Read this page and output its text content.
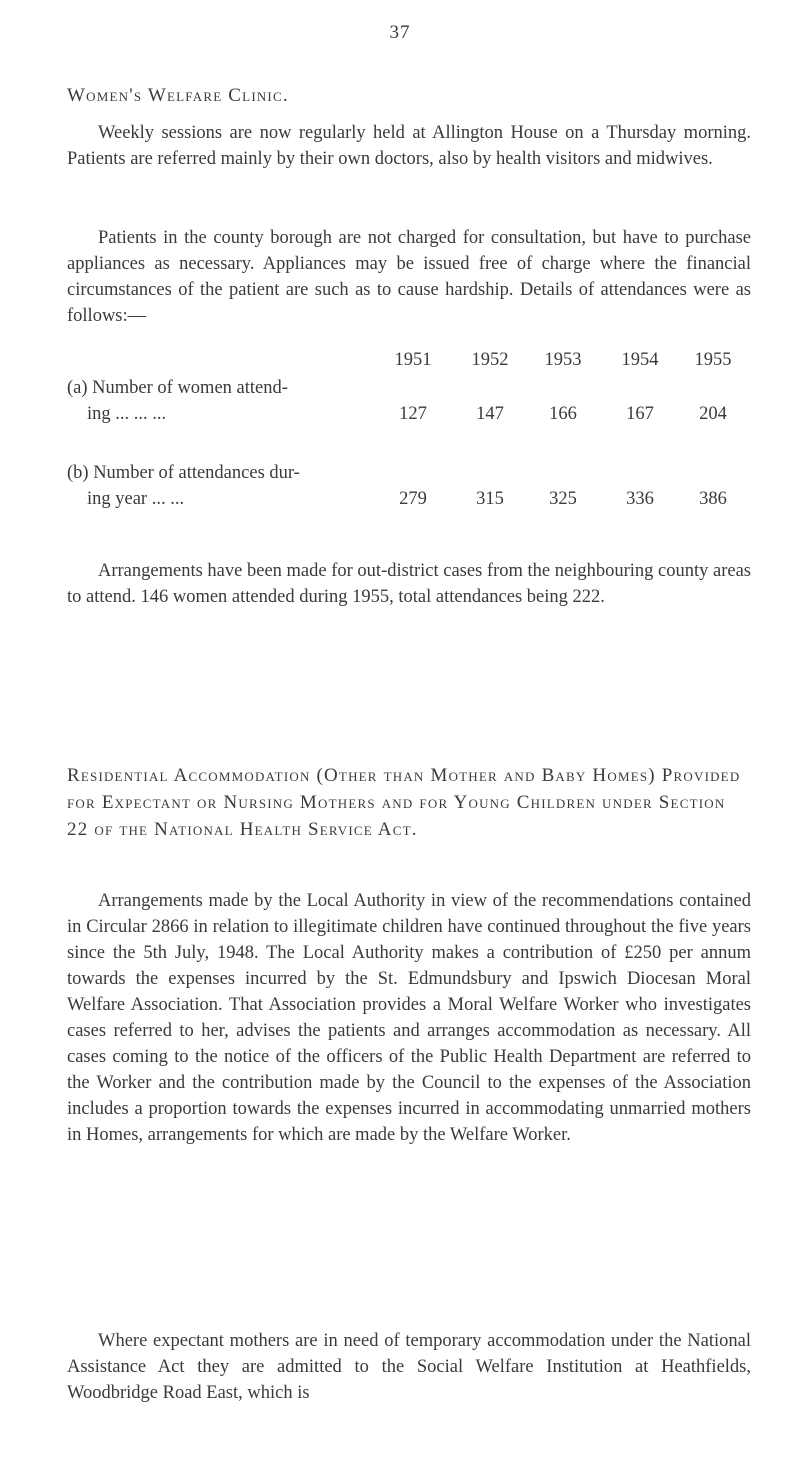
37
Women's Welfare Clinic.

Weekly sessions are now regularly held at Allington House on a Thursday morning. Patients are referred mainly by their own doctors, also by health visitors and midwives.

Patients in the county borough are not charged for consultation, but have to purchase appliances as necessary. Appliances may be issued free of charge where the financial circumstances of the patient are such as to cause hardship. Details of attendances were as follows:—

1951	1952	1953	1954	1955
(a) Number of women attend-
ing ... ... ...	127	147	166	167	204
(b) Number of attendances dur-
ing year ... ...	279	315	325	336	386

Arrangements have been made for out-district cases from the neighbouring county areas to attend. 146 women attended during 1955, total attendances being 222.

Residential Accommodation (Other than Mother and Baby Homes) Provided for Expectant or Nursing Mothers and for Young Children under Section 22 of the National Health Service Act.

Arrangements made by the Local Authority in view of the recommendations contained in Circular 2866 in relation to illegitimate children have continued throughout the five years since the 5th July, 1948. The Local Authority makes a contribution of £250 per annum towards the expenses incurred by the St. Edmundsbury and Ipswich Diocesan Moral Welfare Association. That Association provides a Moral Welfare Worker who investigates cases referred to her, advises the patients and arranges accommodation as necessary. All cases coming to the notice of the officers of the Public Health Department are referred to the Worker and the contribution made by the Council to the expenses of the Association includes a proportion towards the expenses incurred in accommodating unmarried mothers in Homes, arrangements for which are made by the Welfare Worker.

Where expectant mothers are in need of temporary accommodation under the National Assistance Act they are admitted to the Social Welfare Institution at Heathfields, Woodbridge Road East, which is
